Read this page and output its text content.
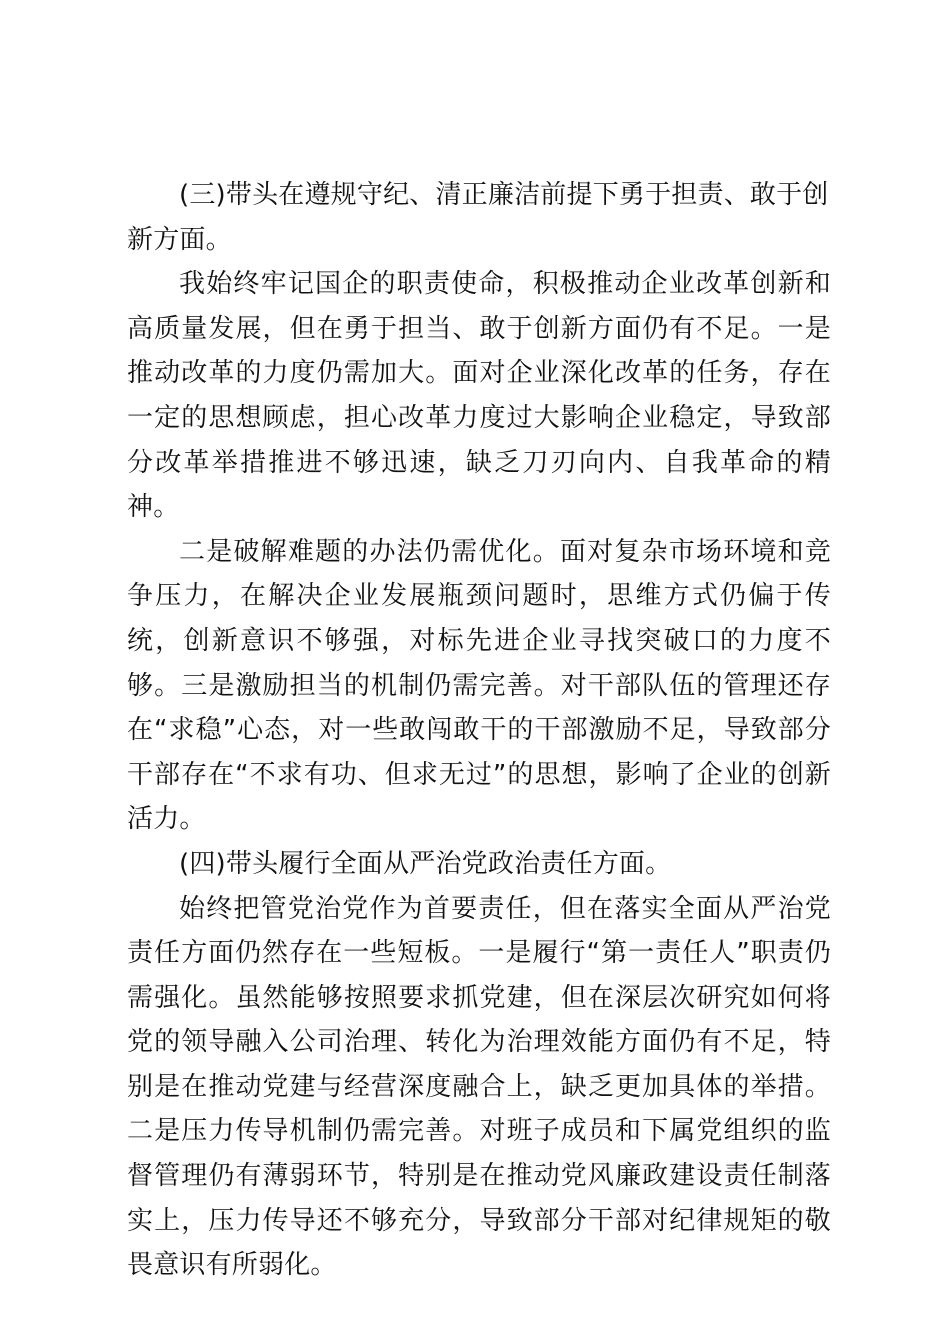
(三)带头在遵规守纪、清正廉洁前提下勇于担责、敢于创新方面。

我始终牢记国企的职责使命，积极推动企业改革创新和高质量发展，但在勇于担当、敢于创新方面仍有不足。一是推动改革的力度仍需加大。面对企业深化改革的任务，存在一定的思想顾虑，担心改革力度过大影响企业稳定，导致部分改革举措推进不够迅速，缺乏刀刃向内、自我革命的精神。

二是破解难题的办法仍需优化。面对复杂市场环境和竞争压力，在解决企业发展瓶颈问题时，思维方式仍偏于传统，创新意识不够强，对标先进企业寻找突破口的力度不够。三是激励担当的机制仍需完善。对干部队伍的管理还存在“求稳”心态，对一些敢闯敢干的干部激励不足，导致部分干部存在“不求有功、但求无过”的思想，影响了企业的创新活力。

(四)带头履行全面从严治党政治责任方面。

始终把管党治党作为首要责任，但在落实全面从严治党责任方面仍然存在一些短板。一是履行“第一责任人”职责仍需强化。虽然能够按照要求抓党建，但在深层次研究如何将党的领导融入公司治理、转化为治理效能方面仍有不足，特别是在推动党建与经营深度融合上，缺乏更加具体的举措。二是压力传导机制仍需完善。对班子成员和下属党组织的监督管理仍有薄弱环节，特别是在推动党风廉政建设责任制落实上，压力传导还不够充分，导致部分干部对纪律规矩的敬畏意识有所弱化。
